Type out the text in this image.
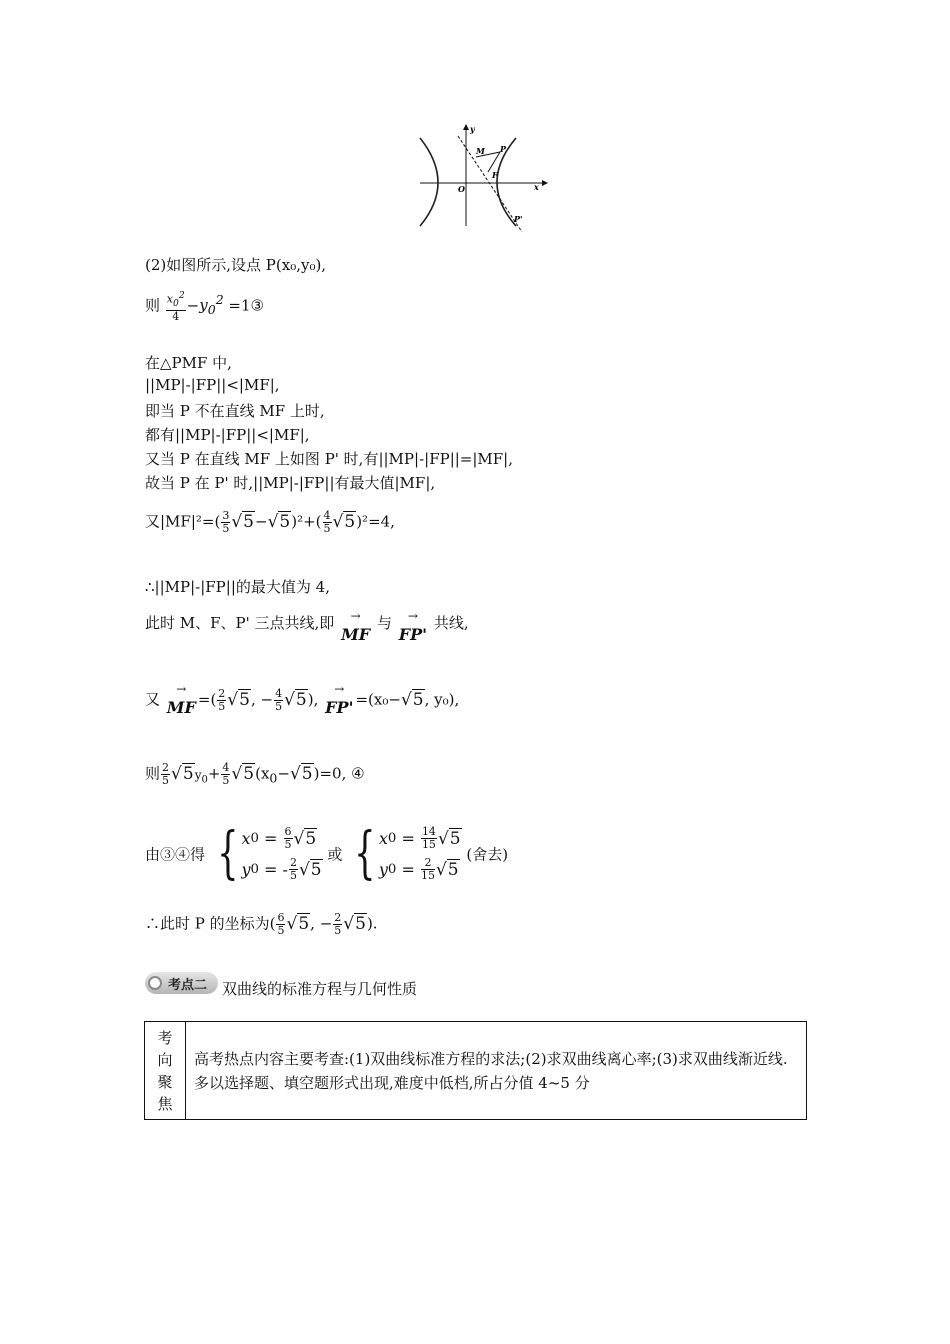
y
M P
F
O	x
P'
(2)如图所示,设点 P(x₀,y₀),
则 $\frac{x_0^2}{4} -y_0^2$ =1③
在△PMF 中,
||MP|-|FP||<|MF|,
即当 P 不在直线 MF 上时,
都有||MP|-|FP||<|MF|,
又当 P 在直线 MF 上如图 P' 时,有||MP|-|FP||=|MF|,
故当 P 在 P' 时,||MP|-|FP||有最大值|MF|,
又$|MF|^2=( \frac{3}{5} √5-√5)^2+( \frac{4}{5} √5)^2=4$,
∴||MP|-|FP||的最大值为 4,
此时 M、F、P' 三点共线,即 →
MF 与 →
FP' 共线,
又
→
MF =( $\frac{2}{5} √5$, − $\frac{4}{5} √5$),
→
FP' =(x₀−√5, y₀),
则 $\frac{2}{5} √5y_0+ \frac{4}{5} √5(x_0-√5)=0$, ④
由③④得 { x $0 = \frac{6}{5} √5$
y 0 = - $\frac{2}{5} √5$
或 { x $0 = \frac{14}{15} √5$
y $0 = \frac{2}{15} √5$
(舍去)
∴此时 P 的坐标为( $\frac{6}{5} √5$, − $\frac{2}{5} √5$).
考点二 双曲线的标准方程与几何性质
考
向
聚
焦
	高考热点内容主要考查:(1)双曲线标准方程的求法;(2)求双曲线离心率;(3)求双曲线渐近线.多以选择题、填空题形式出现,难度中低档,所占分值 4~5 分
